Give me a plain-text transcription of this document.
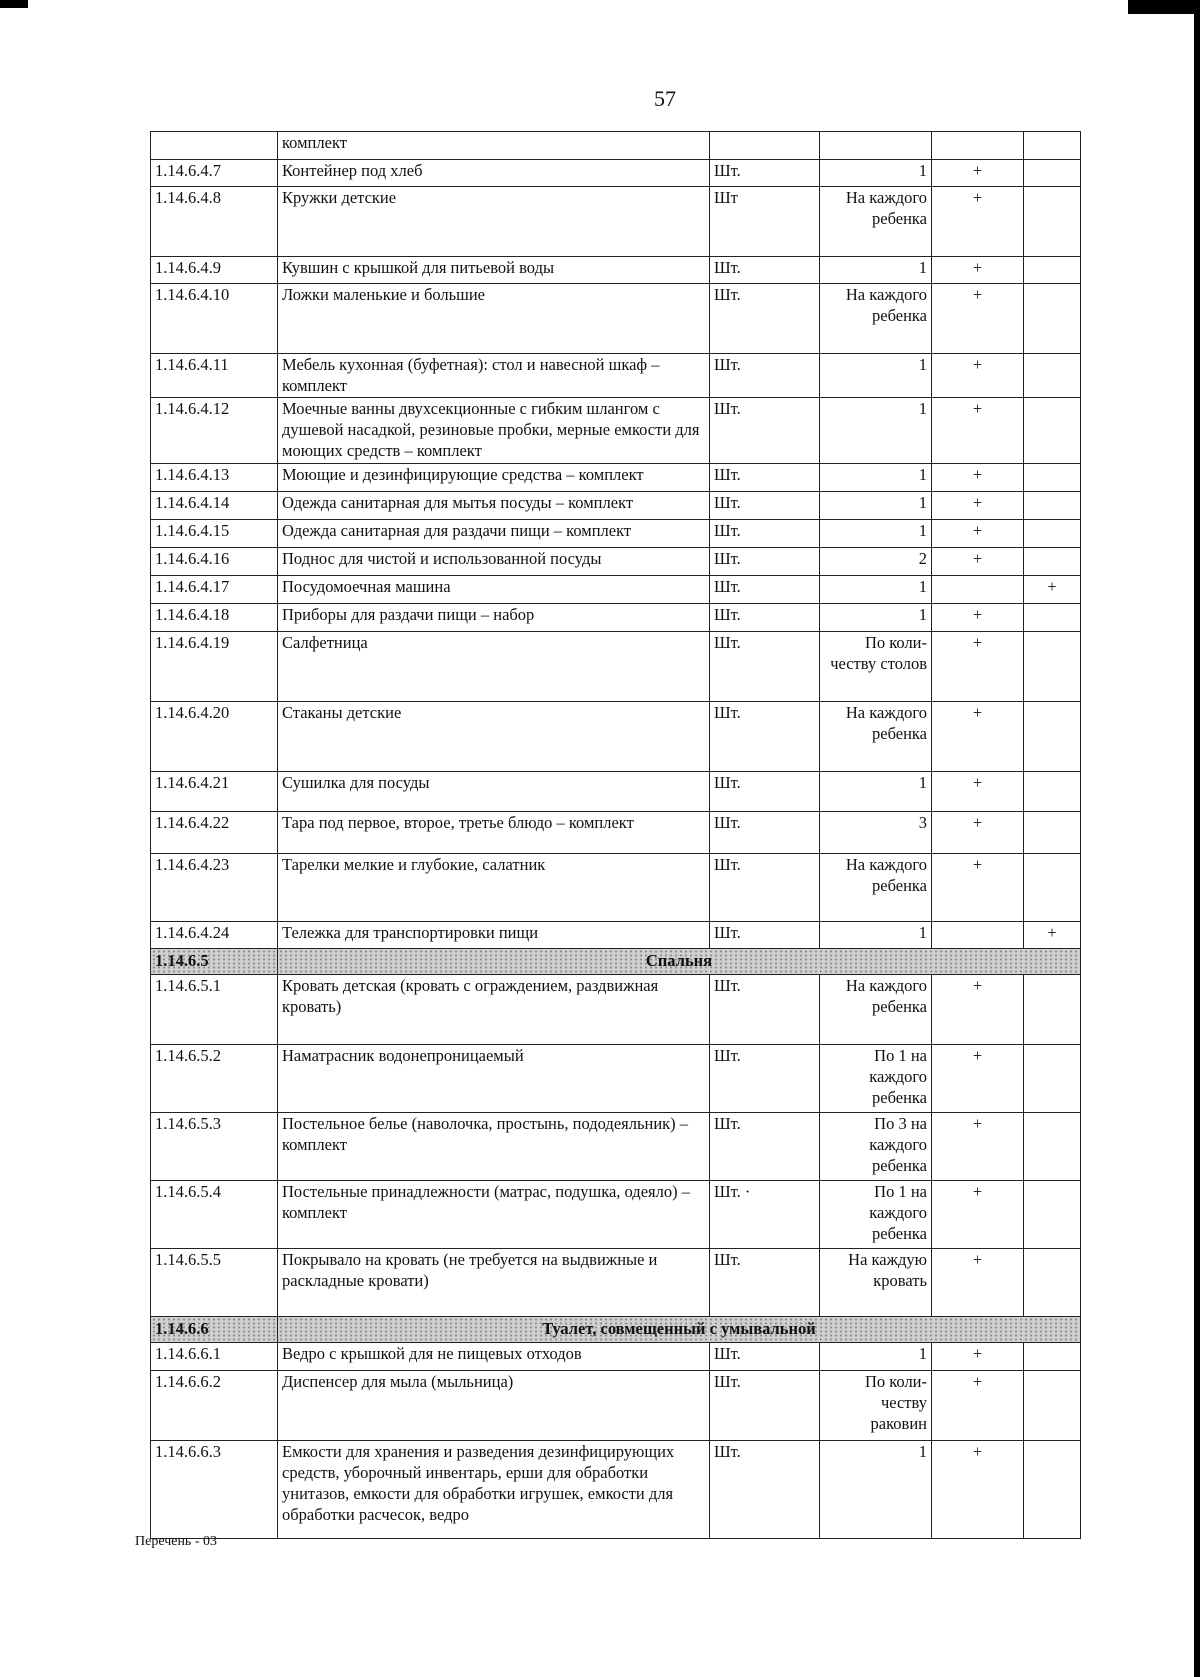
57
	комплект				
1.14.6.4.7	Контейнер под хлеб	Шт.	1	+	
1.14.6.4.8	Кружки детские	Шт	На каждого ребенка	+	
1.14.6.4.9	Кувшин с крышкой для питьевой воды	Шт.	1	+	
1.14.6.4.10	Ложки маленькие и большие	Шт.	На каждого ребенка	+	
1.14.6.4.11	Мебель кухонная (буфетная): стол и навесной шкаф – комплект	Шт.	1	+	
1.14.6.4.12	Моечные ванны двухсекционные с гибким шлангом с душевой насадкой, резиновые пробки, мерные емкости для моющих средств – комплект	Шт.	1	+	
1.14.6.4.13	Моющие и дезинфицирующие средства – комплект	Шт.	1	+	
1.14.6.4.14	Одежда санитарная для мытья посуды – комплект	Шт.	1	+	
1.14.6.4.15	Одежда санитарная для раздачи пищи – комплект	Шт.	1	+	
1.14.6.4.16	Поднос для чистой и использованной посуды	Шт.	2	+	
1.14.6.4.17	Посудомоечная машина	Шт.	1		+
1.14.6.4.18	Приборы для раздачи пищи – набор	Шт.	1	+	
1.14.6.4.19	Салфетница	Шт.	По коли-честву столов	+	
1.14.6.4.20	Стаканы детские	Шт.	На каждого ребенка	+	
1.14.6.4.21	Сушилка для посуды	Шт.	1	+	
1.14.6.4.22	Тара под первое, второе, третье блюдо – комплект	Шт.	3	+	
1.14.6.4.23	Тарелки мелкие и глубокие, салатник	Шт.	На каждого ребенка	+	
1.14.6.4.24	Тележка для транспортировки пищи	Шт.	1		+
1.14.6.5	Спальня				
1.14.6.5.1	Кровать детская (кровать с ограждением, раздвижная кровать)	Шт.	На каждого ребенка	+	
1.14.6.5.2	Наматрасник водонепроницаемый	Шт.	По 1 на каждого ребенка	+	
1.14.6.5.3	Постельное белье (наволочка, простынь, пододеяльник) – комплект	Шт.	По 3 на каждого ребенка	+	
1.14.6.5.4	Постельные принадлежности (матрас, подушка, одеяло) – комплект	Шт. ·	По 1 на каждого ребенка	+	
1.14.6.5.5	Покрывало на кровать (не требуется на выдвижные и раскладные кровати)	Шт.	На каждую кровать	+	
1.14.6.6	Туалет, совмещенный с умывальной				
1.14.6.6.1	Ведро с крышкой для не пищевых отходов	Шт.	1	+	
1.14.6.6.2	Диспенсер для мыла (мыльница)	Шт.	По коли-честву раковин	+	
1.14.6.6.3	Емкости для хранения и разведения дезинфицирующих средств, уборочный инвентарь, ерши для обработки унитазов, емкости для обработки игрушек, емкости для обработки расчесок, ведро	Шт.	1	+	
Перечень - 03
